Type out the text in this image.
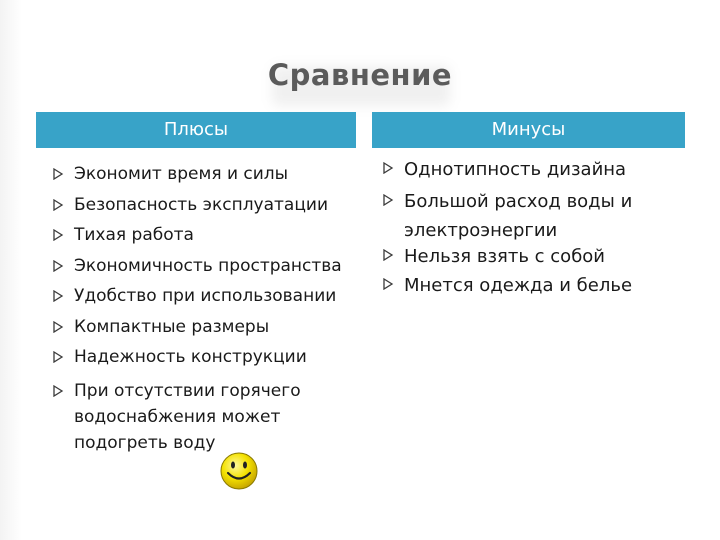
Сравнение
Плюсы	Минусы
Экономит время и силы
Безопасность эксплуатации
Тихая работа
Экономичность пространства
Удобство при использовании
Компактные размеры
Надежность конструкции
При отсутствии горячего водоснабжения может подогреть воду
Однотипность дизайна
Большой расход воды и электроэнергии
Нельзя взять с собой
Мнется одежда и белье
